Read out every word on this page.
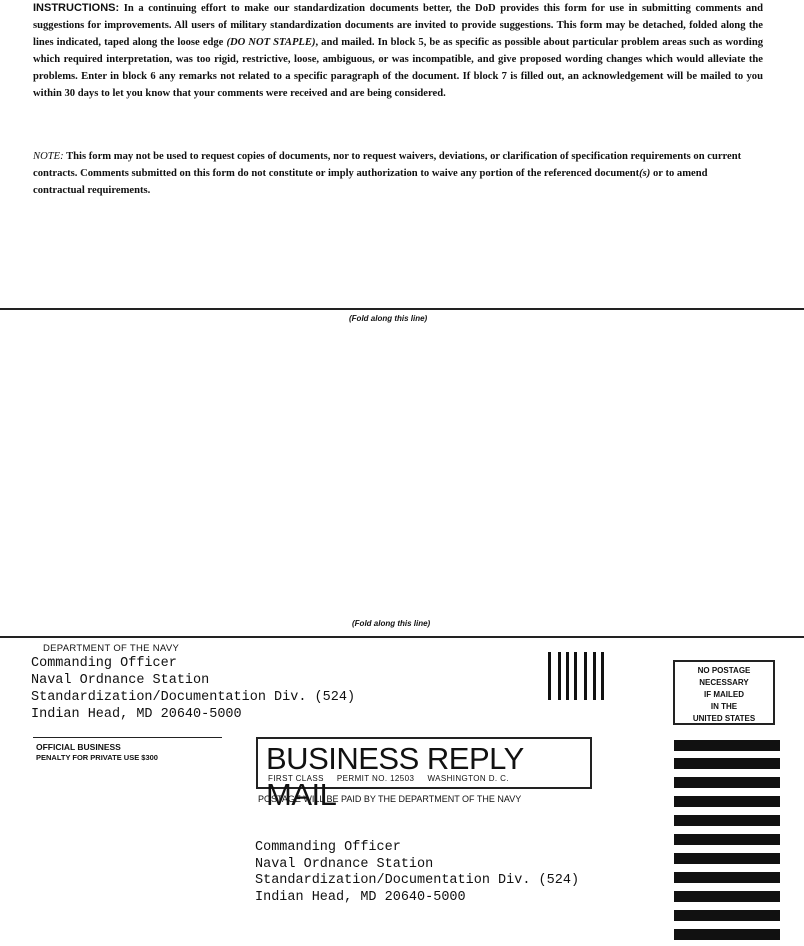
INSTRUCTIONS: In a continuing effort to make our standardization documents better, the DoD provides this form for use in submitting comments and suggestions for improvements. All users of military standardization documents are invited to provide suggestions. This form may be detached, folded along the lines indicated, taped along the loose edge (DO NOT STAPLE), and mailed. In block 5, be as specific as possible about particular problem areas such as wording which required interpretation, was too rigid, restrictive, loose, ambiguous, or was incompatible, and give proposed wording changes which would alleviate the problems. Enter in block 6 any remarks not related to a specific paragraph of the document. If block 7 is filled out, an acknowledgement will be mailed to you within 30 days to let you know that your comments were received and are being considered.
NOTE: This form may not be used to request copies of documents, nor to request waivers, deviations, or clarification of specification requirements on current contracts. Comments submitted on this form do not constitute or imply authorization to waive any portion of the referenced document(s) or to amend contractual requirements.
(Fold along this line)
(Fold along this line)
DEPARTMENT OF THE NAVY
Commanding Officer
Naval Ordnance Station
Standardization/Documentation Div. (524)
Indian Head, MD 20640-5000
NO POSTAGE
NECESSARY
IF MAILED
IN THE
UNITED STATES
OFFICIAL BUSINESS
PENALTY FOR PRIVATE USE $300	BUSINESS REPLY MAIL
FIRST CLASS     PERMIT NO. 12503     WASHINGTON D. C.
POSTAGE WILL BE PAID BY THE DEPARTMENT OF THE NAVY
Commanding Officer
Naval Ordnance Station
Standardization/Documentation Div. (524)
Indian Head, MD 20640-5000
